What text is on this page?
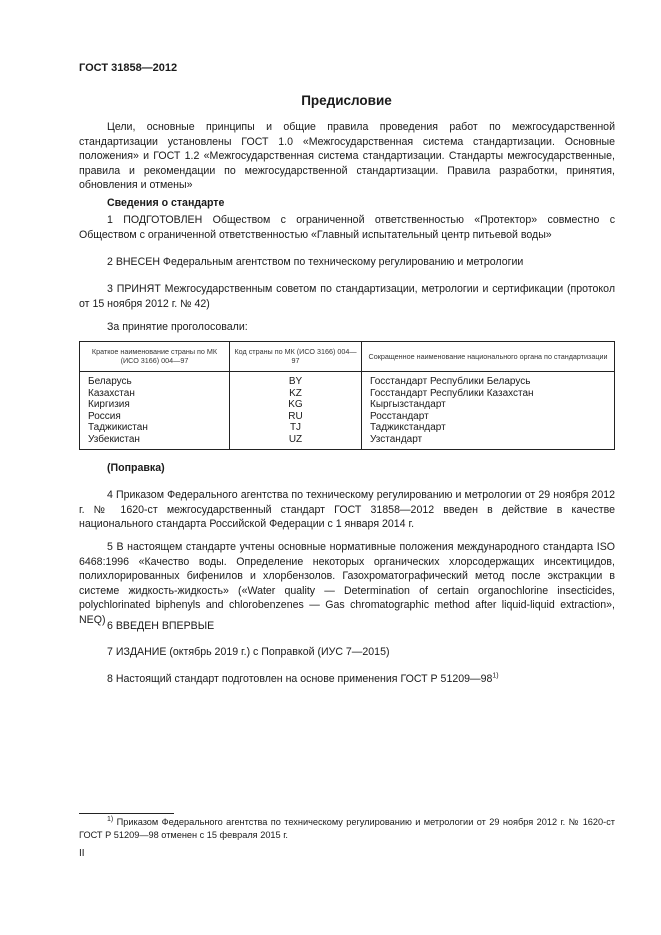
ГОСТ 31858—2012
Предисловие
Цели, основные принципы и общие правила проведения работ по межгосударственной стандартизации установлены ГОСТ 1.0 «Межгосударственная система стандартизации. Основные положения» и ГОСТ 1.2 «Межгосударственная система стандартизации. Стандарты межгосударственные, правила и рекомендации по межгосударственной стандартизации. Правила разработки, принятия, обновления и отмены»
Сведения о стандарте
1 ПОДГОТОВЛЕН Обществом с ограниченной ответственностью «Протектор» совместно с Обществом с ограниченной ответственностью «Главный испытательный центр питьевой воды»
2 ВНЕСЕН Федеральным агентством по техническому регулированию и метрологии
3 ПРИНЯТ Межгосударственным советом по стандартизации, метрологии и сертификации (протокол от 15 ноября 2012 г. № 42)
За принятие проголосовали:
Краткое наименование страны по МК (ИСО 3166) 004—97	Код страны по МК (ИСО 3166) 004—97	Сокращенное наименование национального органа по стандартизации
Беларусь	BY	Госстандарт Республики Беларусь
Казахстан	KZ	Госстандарт Республики Казахстан
Киргизия	KG	Кыргызстандарт
Россия	RU	Росстандарт
Таджикистан	TJ	Таджикстандарт
Узбекистан	UZ	Узстандарт
(Поправка)
4 Приказом Федерального агентства по техническому регулированию и метрологии от 29 ноября 2012 г. № 1620-ст межгосударственный стандарт ГОСТ 31858—2012 введен в действие в качестве национального стандарта Российской Федерации с 1 января 2014 г.
5 В настоящем стандарте учтены основные нормативные положения международного стандарта ISO 6468:1996 «Качество воды. Определение некоторых органических хлорсодержащих инсектицидов, полихлорированных бифенилов и хлорбензолов. Газохроматографический метод после экстракции в системе жидкость-жидкость» («Water quality — Determination of certain organochlorine insecticides, polychlorinated biphenyls and chlorobenzenes — Gas chromatographic method after liquid-liquid extraction», NEQ)
6 ВВЕДЕН ВПЕРВЫЕ
7 ИЗДАНИЕ (октябрь 2019 г.) с Поправкой (ИУС 7—2015)
8 Настоящий стандарт подготовлен на основе применения ГОСТ Р 51209—98$^{1)}$
$^{1)}$ Приказом Федерального агентства по техническому регулированию и метрологии от 29 ноября 2012 г. № 1620-ст ГОСТ Р 51209—98 отменен с 15 февраля 2015 г.
II
